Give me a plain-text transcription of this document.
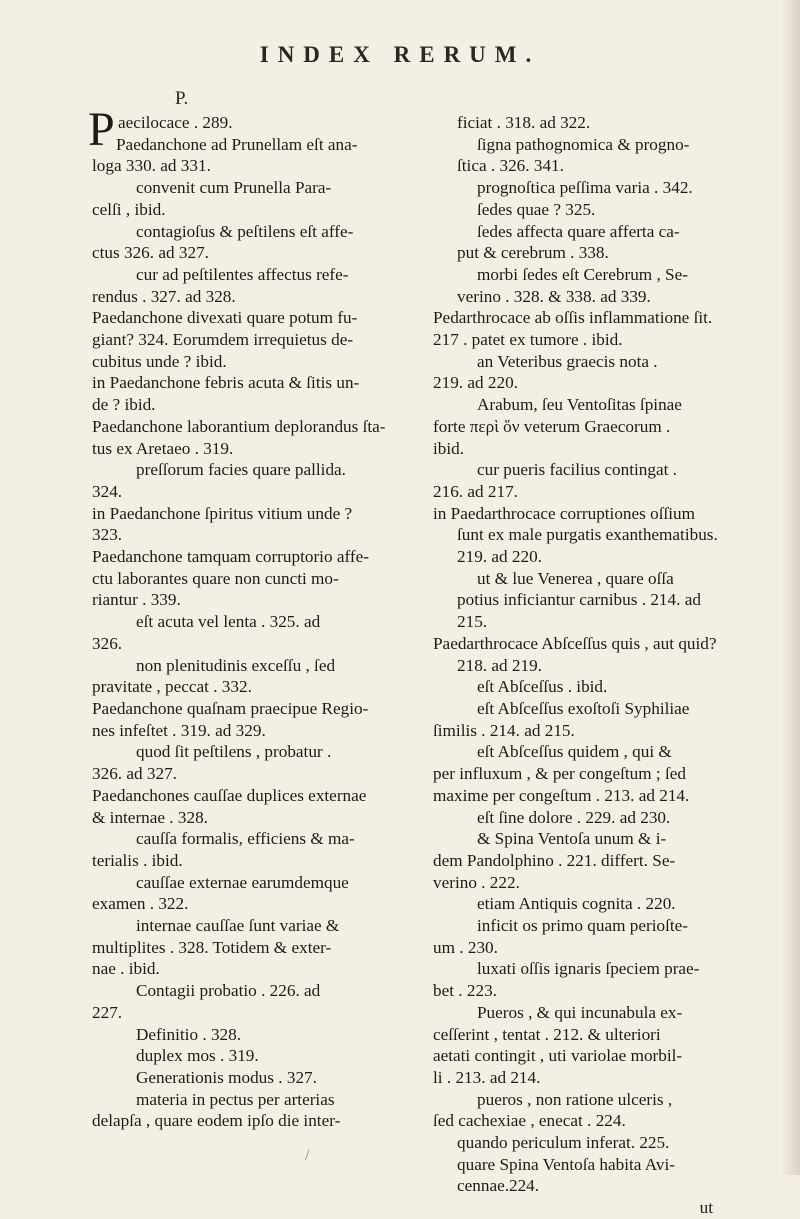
INDEX RERUM.
P.

P aecilocace . 289.

Paedanchone ad Prunellam eſt ana-

loga 330. ad 331.

convenit cum Prunella Para-

celſi , ibid.

contagioſus & peſtilens eſt affe-

ctus 326. ad 327.

cur ad peſtilentes affectus refe-

rendus . 327. ad 328.

Paedanchone divexati quare potum fu-

giant? 324. Eorumdem irrequietus de-

cubitus unde ? ibid.

in Paedanchone febris acuta & ſitis un-

de ? ibid.

Paedanchone laborantium deplorandus ſta-

tus ex Aretaeo . 319.

preſſorum facies quare pallida.

324.

in Paedanchone ſpiritus vitium unde ?

323.

Paedanchone tamquam corruptorio affe-

ctu laborantes quare non cuncti mo-

riantur . 339.

eſt acuta vel lenta . 325. ad

326.

non plenitudinis exceſſu , ſed

pravitate , peccat . 332.

Paedanchone quaſnam praecipue Regio-

nes infeſtet . 319. ad 329.

quod ſit peſtilens , probatur .

326. ad 327.

Paedanchones cauſſae duplices externae

& internae . 328.

cauſſa formalis, efficiens & ma-

terialis . ibid.

cauſſae externae earumdemque

examen . 322.

internae cauſſae ſunt variae &

multiplites . 328. Totidem & exter-

nae . ibid.

Contagii probatio . 226. ad

227.

Definitio . 328.

duplex mos . 319.

Generationis modus . 327.

materia in pectus per arterias

delapſa , quare eodem ipſo die inter-

ficiat . 318. ad 322.

ſigna pathognomica & progno-

ſtica . 326. 341.

prognoſtica peſſima varia . 342.

ſedes quae ? 325.

ſedes affecta quare afferta ca-

put & cerebrum . 338.

morbi ſedes eſt Cerebrum , Se-

verino . 328. & 338. ad 339.

Pedarthrocace ab oſſis inflammatione ſit.

217 . patet ex tumore . ibid.

an Veteribus graecis nota .

219. ad 220.

Arabum, ſeu Ventoſitas ſpinae

forte περὶ ὅν veterum Graecorum .

ibid.

cur pueris facilius contingat .

216. ad 217.

in Paedarthrocace corruptiones oſſium

ſunt ex male purgatis exanthematibus.

219. ad 220.

ut & lue Venerea , quare oſſa

potius inficiantur carnibus . 214. ad

215.

Paedarthrocace Abſceſſus quis , aut quid?

218. ad 219.

eſt Abſceſſus . ibid.

eſt Abſceſſus exoſtoſi Syphiliae

ſimilis . 214. ad 215.

eſt Abſceſſus quidem , qui &

per influxum , & per congeſtum ; ſed

maxime per congeſtum . 213. ad 214.

eſt ſine dolore . 229. ad 230.

& Spina Ventoſa unum & i-

dem Pandolphino . 221. differt. Se-

verino . 222.

etiam Antiquis cognita . 220.

inficit os primo quam perioſte-

um . 230.

luxati oſſis ignaris ſpeciem prae-

bet . 223.

Pueros , & qui incunabula ex-

ceſſerint , tentat . 212. & ulteriori

aetati contingit , uti variolae morbil-

li . 213. ad 214.

pueros , non ratione ulceris ,

ſed cachexiae , enecat . 224.

quando periculum inferat. 225.

quare Spina Ventoſa habita Avi-

cennae.224.

ut

/
